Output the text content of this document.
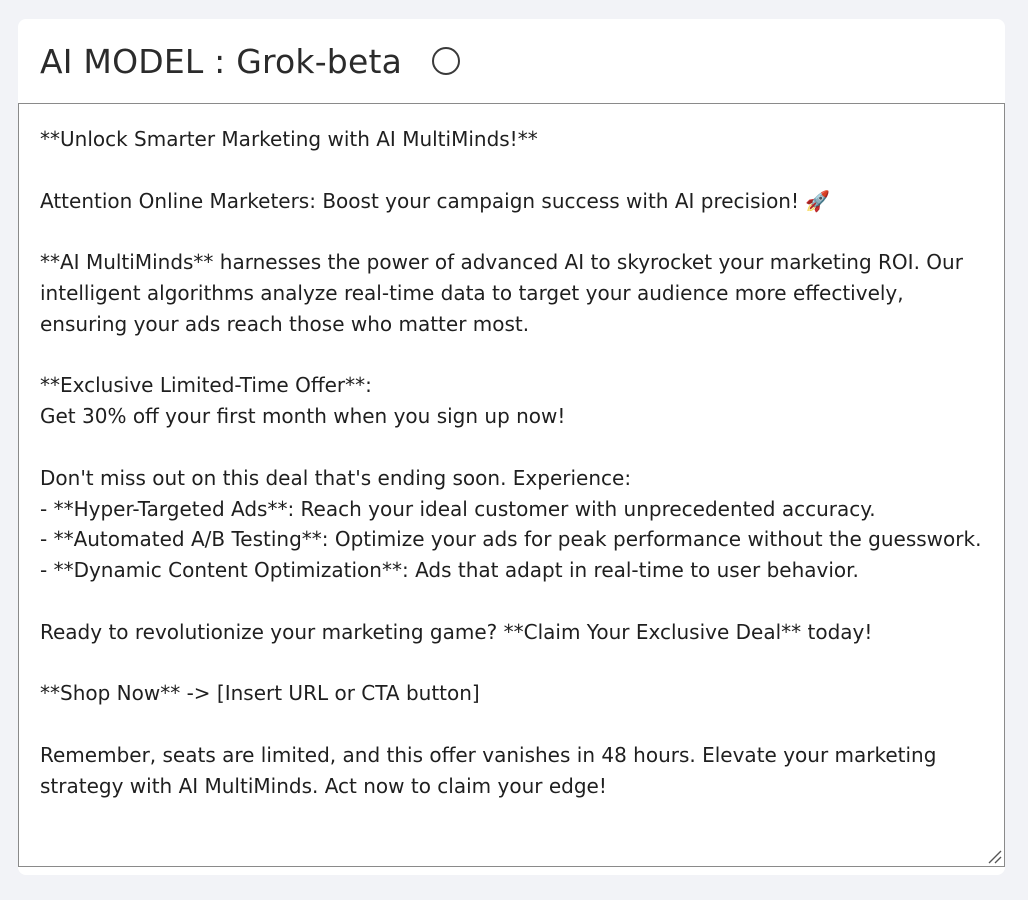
AI MODEL : Grok-beta

**Unlock Smarter Marketing with AI MultiMinds!**

Attention Online Marketers: Boost your campaign success with AI precision! 🚀

**AI MultiMinds** harnesses the power of advanced AI to skyrocket your marketing ROI. Our intelligent algorithms analyze real-time data to target your audience more effectively, ensuring your ads reach those who matter most.

**Exclusive Limited-Time Offer**:
Get 30% off your first month when you sign up now!

Don't miss out on this deal that's ending soon. Experience:
- **Hyper-Targeted Ads**: Reach your ideal customer with unprecedented accuracy.
- **Automated A/B Testing**: Optimize your ads for peak performance without the guesswork.
- **Dynamic Content Optimization**: Ads that adapt in real-time to user behavior.

Ready to revolutionize your marketing game? **Claim Your Exclusive Deal** today!

**Shop Now** -> [Insert URL or CTA button]

Remember, seats are limited, and this offer vanishes in 48 hours. Elevate your marketing strategy with AI MultiMinds. Act now to claim your edge!
